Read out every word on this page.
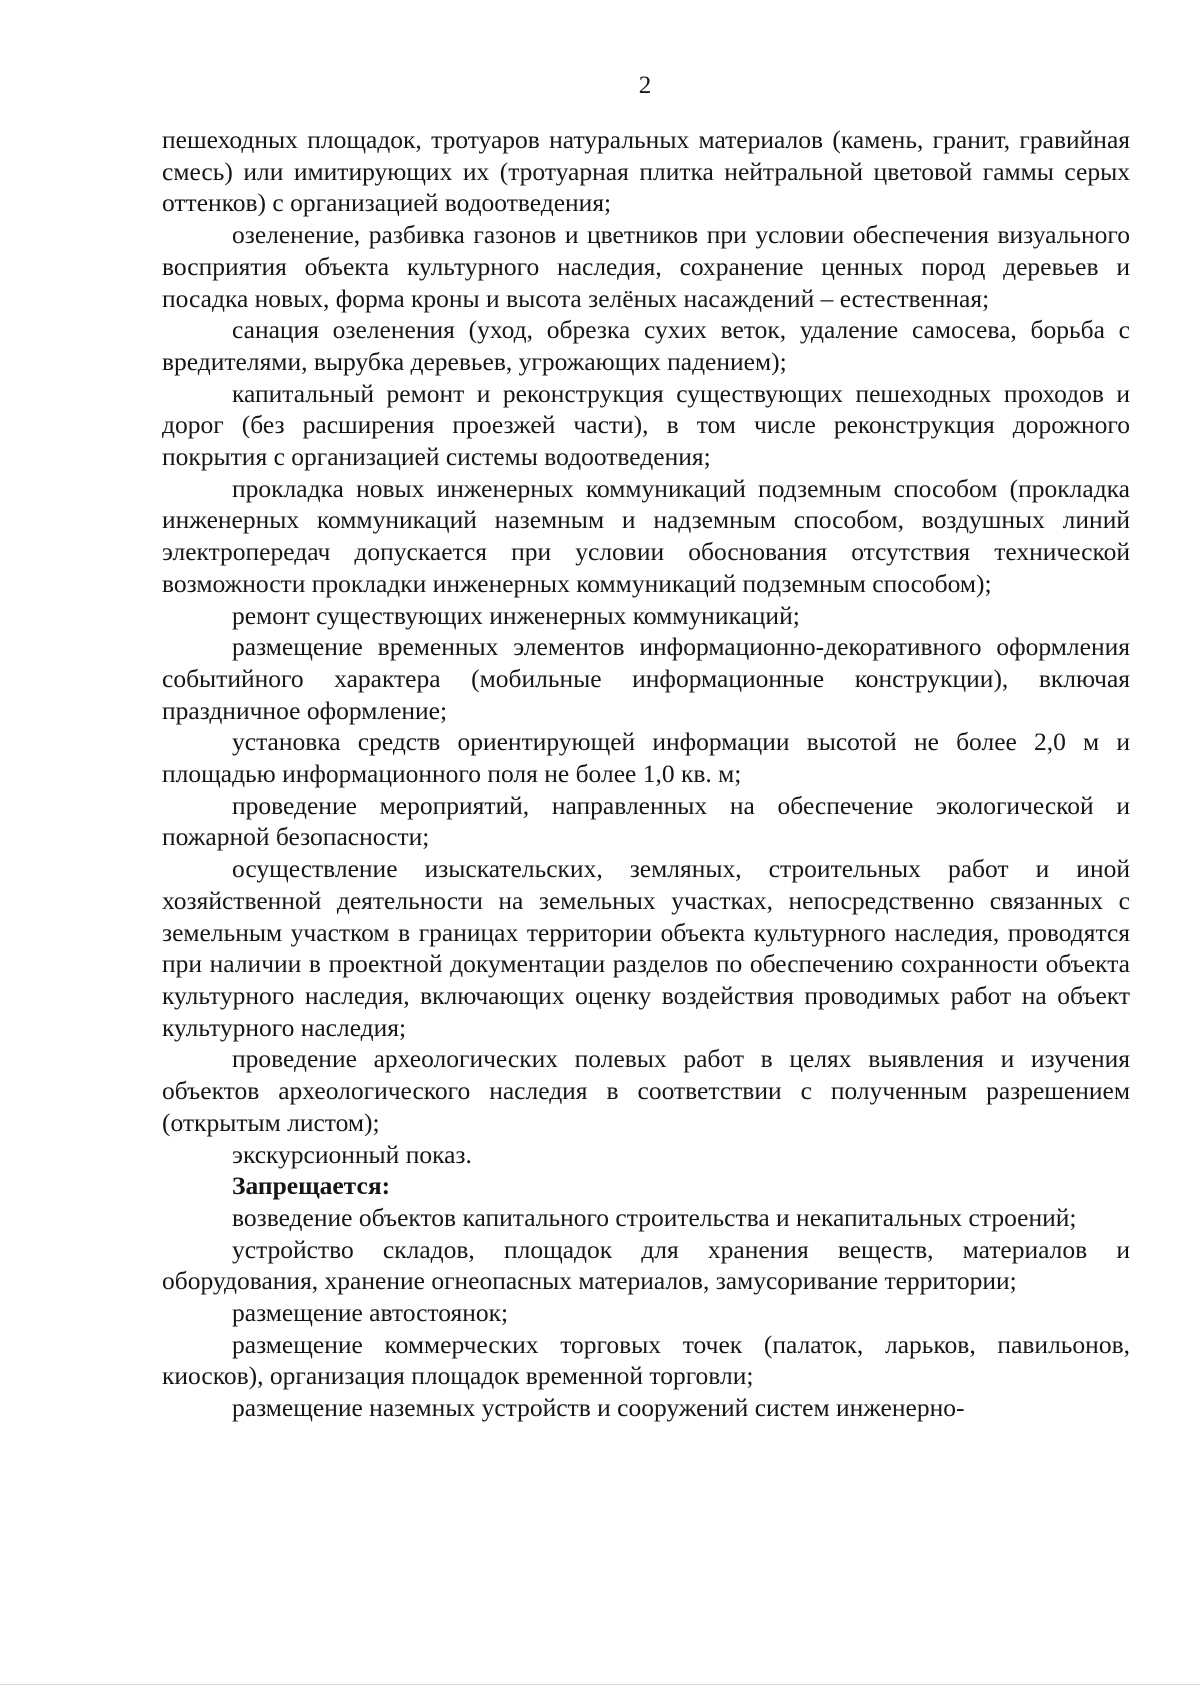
2

пешеходных площадок, тротуаров натуральных материалов (камень, гранит, гравийная смесь) или имитирующих их (тротуарная плитка нейтральной цветовой гаммы серых оттенков) с организацией водоотведения;

озеленение, разбивка газонов и цветников при условии обеспечения визуального восприятия объекта культурного наследия, сохранение ценных пород деревьев и посадка новых, форма кроны и высота зелёных насаждений – естественная;

санация озеленения (уход, обрезка сухих веток, удаление самосева, борьба с вредителями, вырубка деревьев, угрожающих падением);

капитальный ремонт и реконструкция существующих пешеходных проходов и дорог (без расширения проезжей части), в том числе реконструкция дорожного покрытия с организацией системы водоотведения;

прокладка новых инженерных коммуникаций подземным способом (прокладка инженерных коммуникаций наземным и надземным способом, воздушных линий электропередач допускается при условии обоснования отсутствия технической возможности прокладки инженерных коммуникаций подземным способом);

ремонт существующих инженерных коммуникаций;

размещение временных элементов информационно-декоративного оформления событийного характера (мобильные информационные конструкции), включая праздничное оформление;

установка средств ориентирующей информации высотой не более 2,0 м и площадью информационного поля не более 1,0 кв. м;

проведение мероприятий, направленных на обеспечение экологической и пожарной безопасности;

осуществление изыскательских, земляных, строительных работ и иной хозяйственной деятельности на земельных участках, непосредственно связанных с земельным участком в границах территории объекта культурного наследия, проводятся при наличии в проектной документации разделов по обеспечению сохранности объекта культурного наследия, включающих оценку воздействия проводимых работ на объект культурного наследия;

проведение археологических полевых работ в целях выявления и изучения объектов археологического наследия в соответствии с полученным разрешением (открытым листом);

экскурсионный показ.

Запрещается:

возведение объектов капитального строительства и некапитальных строений;

устройство складов, площадок для хранения веществ, материалов и оборудования, хранение огнеопасных материалов, замусоривание территории;

размещение автостоянок;

размещение коммерческих торговых точек (палаток, ларьков, павильонов, киосков), организация площадок временной торговли;

размещение наземных устройств и сооружений систем инженерно-
